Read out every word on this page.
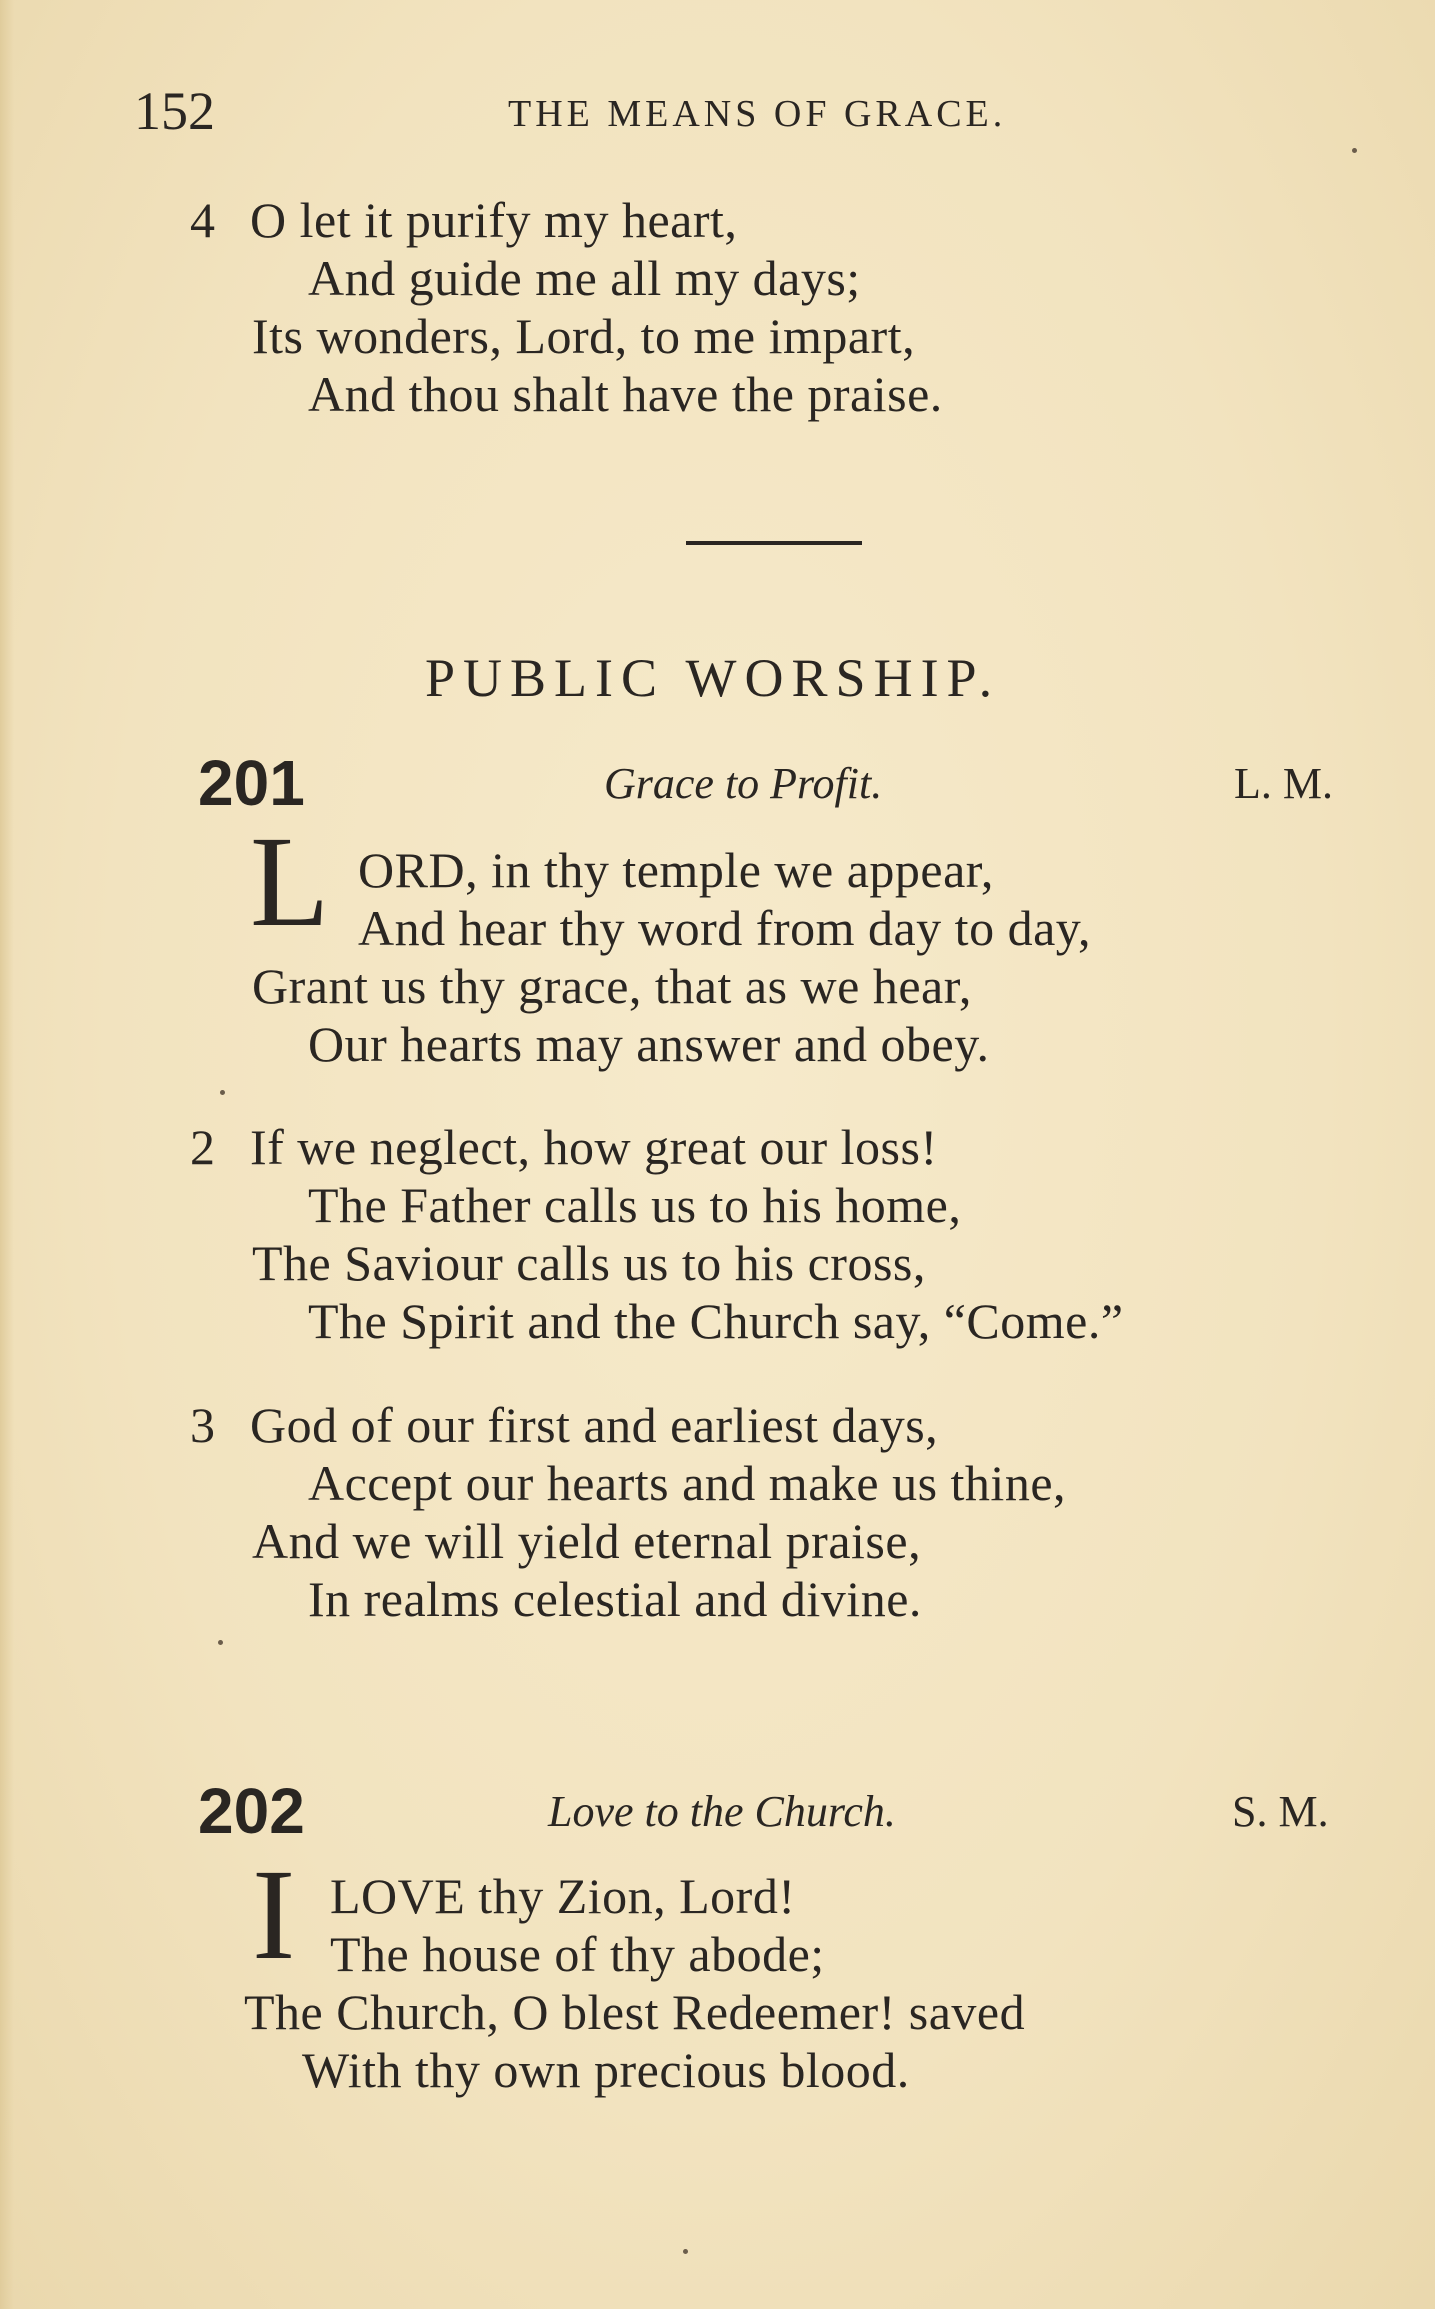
152	THE MEANS OF GRACE.
4 O let it purify my heart,
And guide me all my days;
Its wonders, Lord, to me impart,
And thou shalt have the praise.
PUBLIC WORSHIP.
201	Grace to Profit.	L. M.
L ORD, in thy temple we appear,
And hear thy word from day to day,
Grant us thy grace, that as we hear,
Our hearts may answer and obey.
2 If we neglect, how great our loss!
The Father calls us to his home,
The Saviour calls us to his cross,
The Spirit and the Church say, “Come.”
3 God of our first and earliest days,
Accept our hearts and make us thine,
And we will yield eternal praise,
In realms celestial and divine.
202	Love to the Church.	S. M.
I LOVE thy Zion, Lord!
The house of thy abode;
The Church, O blest Redeemer! saved
With thy own precious blood.
